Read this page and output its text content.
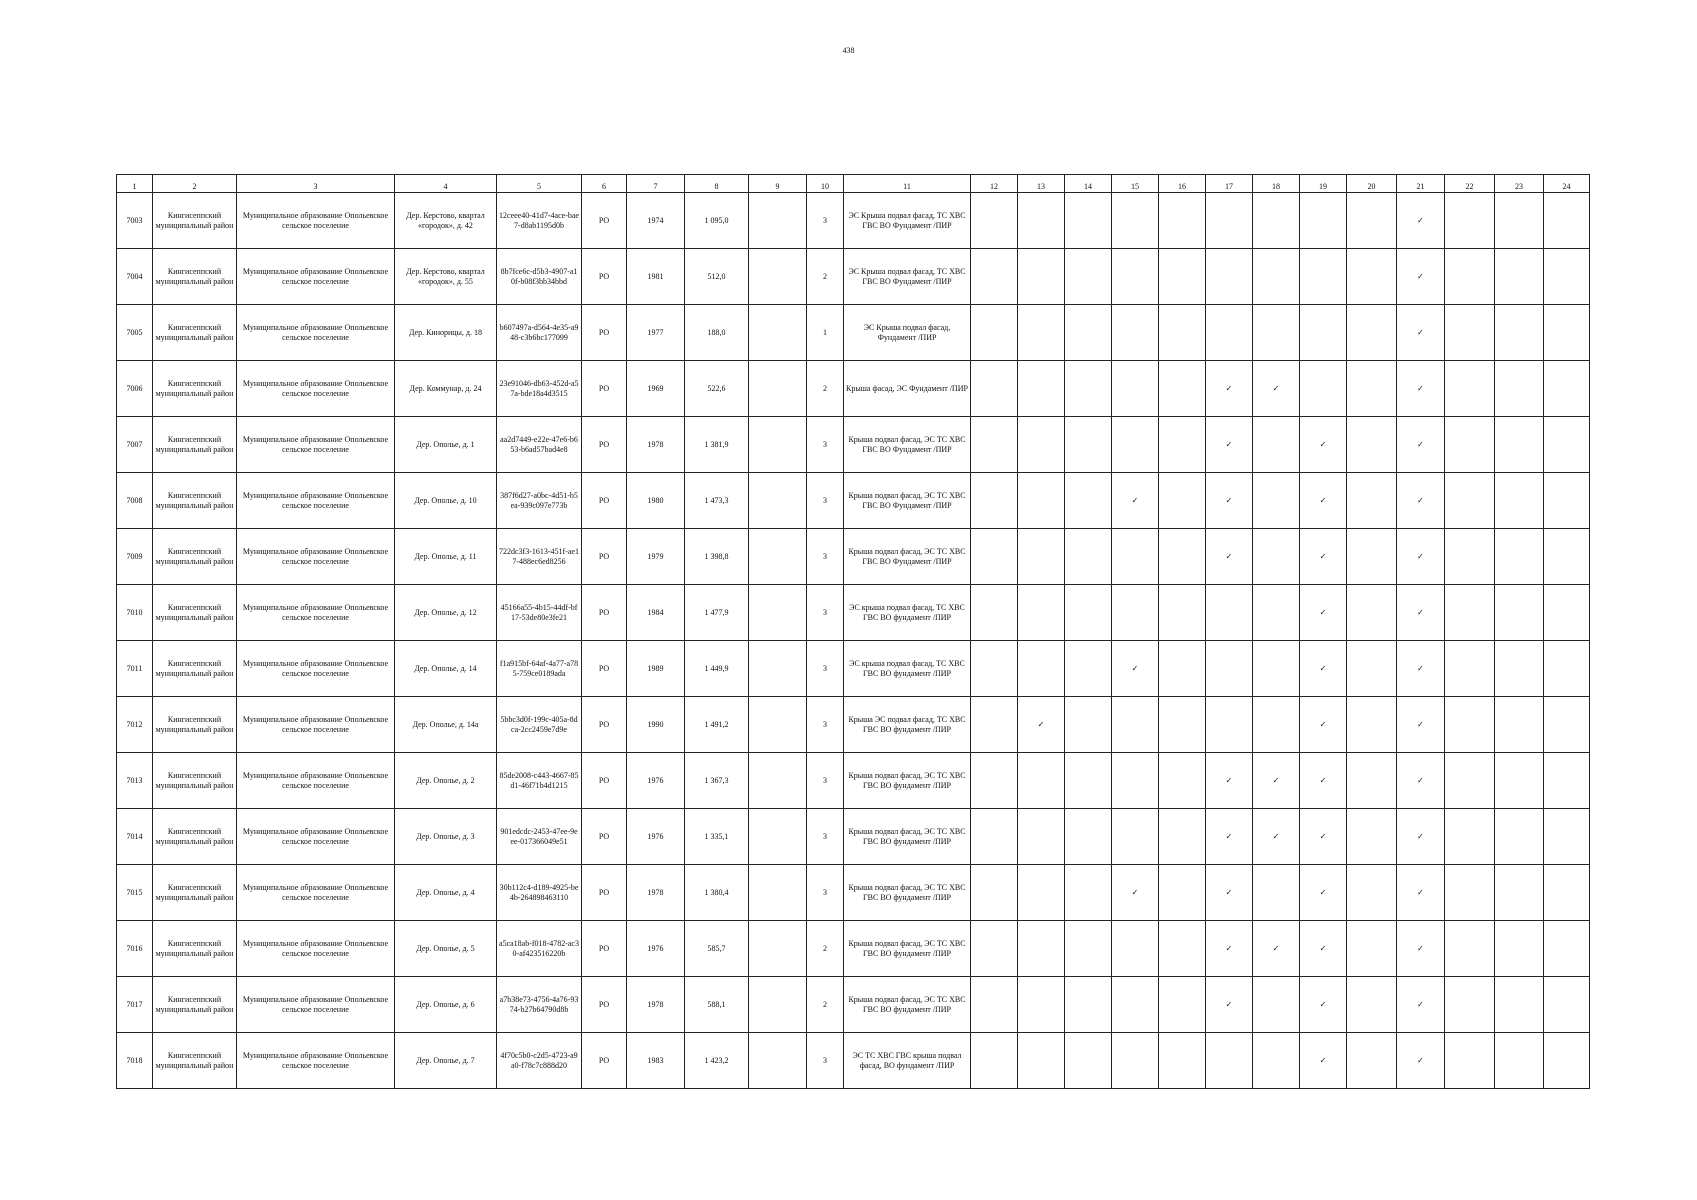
438
1	2	3	4	5	6	7	8	9	10	11	12	13	14	15	16	17	18	19	20	21	22	23	24
7003	Кингисеппский муниципальный район	Муниципальное образование Опольевское сельское поселение	Дер. Керстово, квартал «городок», д. 42	12ceee40-41d7-4ace-bae7-d8ab1195d0b	РО	1974	1 095,0		3	ЭС Крыша подвал фасад, ТС ХВС ГВС ВО Фундамент /ПИР										✓			
7004	Кингисеппский муниципальный район	Муниципальное образование Опольевское сельское поселение	Дер. Керстово, квартал «городок», д. 55	8b7fce6c-d5b3-4907-a10f-b08f3bb34bbd	РО	1981	512,0		2	ЭС Крыша подвал фасад, ТС ХВС ГВС ВО Фундамент /ПИР										✓			
7005	Кингисеппский муниципальный район	Муниципальное образование Опольевское сельское поселение	Дер. Кинорицы, д. 18	b607497a-d564-4e35-a948-c3b6bc177099	РО	1977	188,0		1	ЭС Крыша подвал фасад, Фундамент /ПИР										✓			
7006	Кингисеппский муниципальный район	Муниципальное образование Опольевское сельское поселение	Дер. Коммунар, д. 24	23e91046-db63-452d-a57a-bde18a4d3515	РО	1969	522,6		2	Крыша фасад, ЭС Фундамент /ПИР						✓	✓			✓			
7007	Кингисеппский муниципальный район	Муниципальное образование Опольевское сельское поселение	Дер. Ополье, д. 1	aa2d7449-e22e-47e6-b653-b6ad57bad4e8	РО	1978	1 381,9		3	Крыша подвал фасад, ЭС ТС ХВС ГВС ВО Фундамент /ПИР						✓		✓		✓			
7008	Кингисеппский муниципальный район	Муниципальное образование Опольевское сельское поселение	Дер. Ополье, д. 10	387f6d27-a0bc-4d51-b5ea-939c097e773b	РО	1980	1 473,3		3	Крыша подвал фасад, ЭС ТС ХВС ГВС ВО Фундамент /ПИР				✓		✓		✓		✓			
7009	Кингисеппский муниципальный район	Муниципальное образование Опольевское сельское поселение	Дер. Ополье, д. 11	722dc3f3-1613-451f-ae17-488ec6ed8256	РО	1979	1 398,8		3	Крыша подвал фасад, ЭС ТС ХВС ГВС ВО Фундамент /ПИР						✓		✓		✓			
7010	Кингисеппский муниципальный район	Муниципальное образование Опольевское сельское поселение	Дер. Ополье, д. 12	45166a55-4b15-44df-bf17-53de80e3fe21	РО	1984	1 477,9		3	ЭС крыша подвал фасад, ТС ХВС ГВС ВО фундамент /ПИР								✓		✓			
7011	Кингисеппский муниципальный район	Муниципальное образование Опольевское сельское поселение	Дер. Ополье, д. 14	f1a915bf-64af-4a77-a785-759ce0189ada	РО	1989	1 449,9		3	ЭС крыша подвал фасад, ТС ХВС ГВС ВО фундамент /ПИР				✓				✓		✓			
7012	Кингисеппский муниципальный район	Муниципальное образование Опольевское сельское поселение	Дер. Ополье, д. 14а	5bbc3d0f-199c-405a-8dca-2cc2459e7d9e	РО	1990	1 491,2		3	Крыша ЭС подвал фасад, ТС ХВС ГВС ВО фундамент /ПИР		✓						✓		✓			
7013	Кингисеппский муниципальный район	Муниципальное образование Опольевское сельское поселение	Дер. Ополье, д. 2	85de2008-c443-4667-85d1-46f71b4d1215	РО	1976	1 367,3		3	Крыша подвал фасад, ЭС ТС ХВС ГВС ВО фундамент /ПИР						✓	✓	✓		✓			
7014	Кингисеппский муниципальный район	Муниципальное образование Опольевское сельское поселение	Дер. Ополье, д. 3	901edcdc-2453-47ee-9eee-017366049e51	РО	1976	1 335,1		3	Крыша подвал фасад, ЭС ТС ХВС ГВС ВО фундамент /ПИР						✓	✓	✓		✓			
7015	Кингисеппский муниципальный район	Муниципальное образование Опольевское сельское поселение	Дер. Ополье, д. 4	30b112c4-d189-4925-be4b-264898463110	РО	1978	1 380,4		3	Крыша подвал фасад, ЭС ТС ХВС ГВС ВО фундамент /ПИР				✓		✓		✓		✓			
7016	Кингисеппский муниципальный район	Муниципальное образование Опольевское сельское поселение	Дер. Ополье, д. 5	a5ca18ab-f018-4782-ac30-af423516220b	РО	1976	585,7		2	Крыша подвал фасад, ЭС ТС ХВС ГВС ВО фундамент /ПИР						✓	✓	✓		✓			
7017	Кингисеппский муниципальный район	Муниципальное образование Опольевское сельское поселение	Дер. Ополье, д. 6	a7b38e73-4756-4a76-9374-b27b64790d8b	РО	1978	588,1		2	Крыша подвал фасад, ЭС ТС ХВС ГВС ВО фундамент /ПИР						✓		✓		✓			
7018	Кингисеппский муниципальный район	Муниципальное образование Опольевское сельское поселение	Дер. Ополье, д. 7	4f70c5b0-c2d5-4723-a9a0-f78c7c888d20	РО	1983	1 423,2		3	ЭС ТС ХВС ГВС крыша подвал фасад, ВО фундамент /ПИР								✓		✓			
